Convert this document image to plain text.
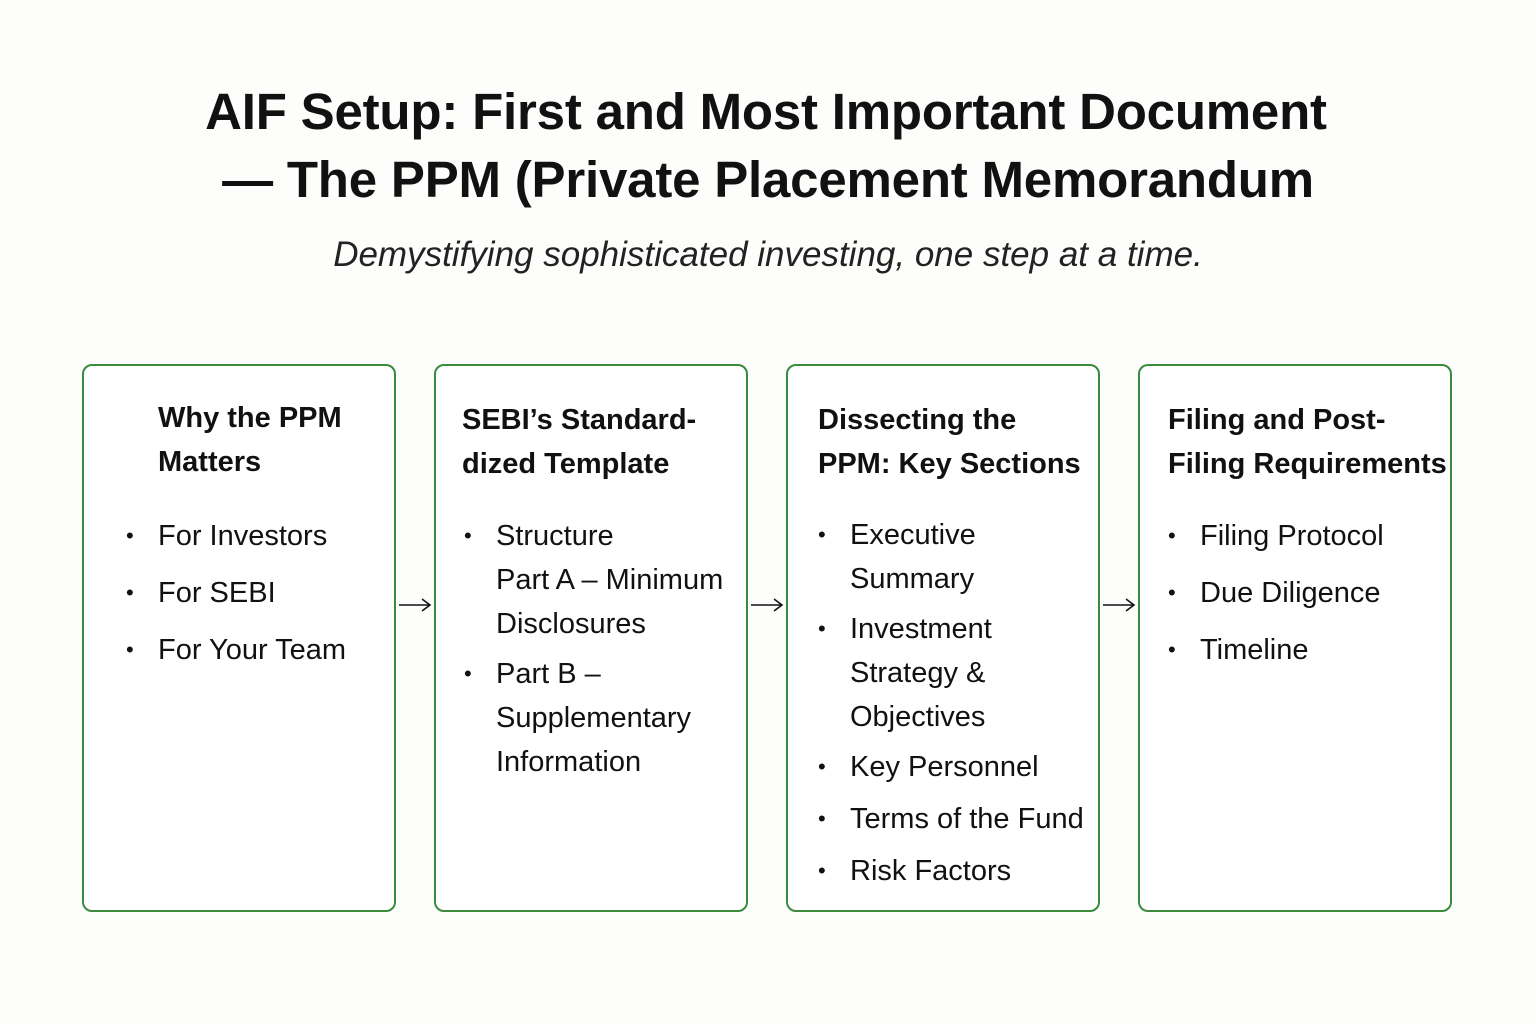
AIF Setup: First and Most Important Document
— The PPM (Private Placement Memorandum

Demystifying sophisticated investing, one step at a time.

Why the PPM
Matters
• For Investors
• For SEBI
• For Your Team
SEBI’s Standard-
dized Template
• Structure
Part A – Minimum
Disclosures
• Part B –
Supplementary
Information
Dissecting the
PPM: Key Sections
• Executive
Summary
• Investment
Strategy &
Objectives
• Key Personnel
• Terms of the Fund
• Risk Factors
Filing and Post-
Filing Requirements
• Filing Protocol
• Due Diligence
• Timeline
